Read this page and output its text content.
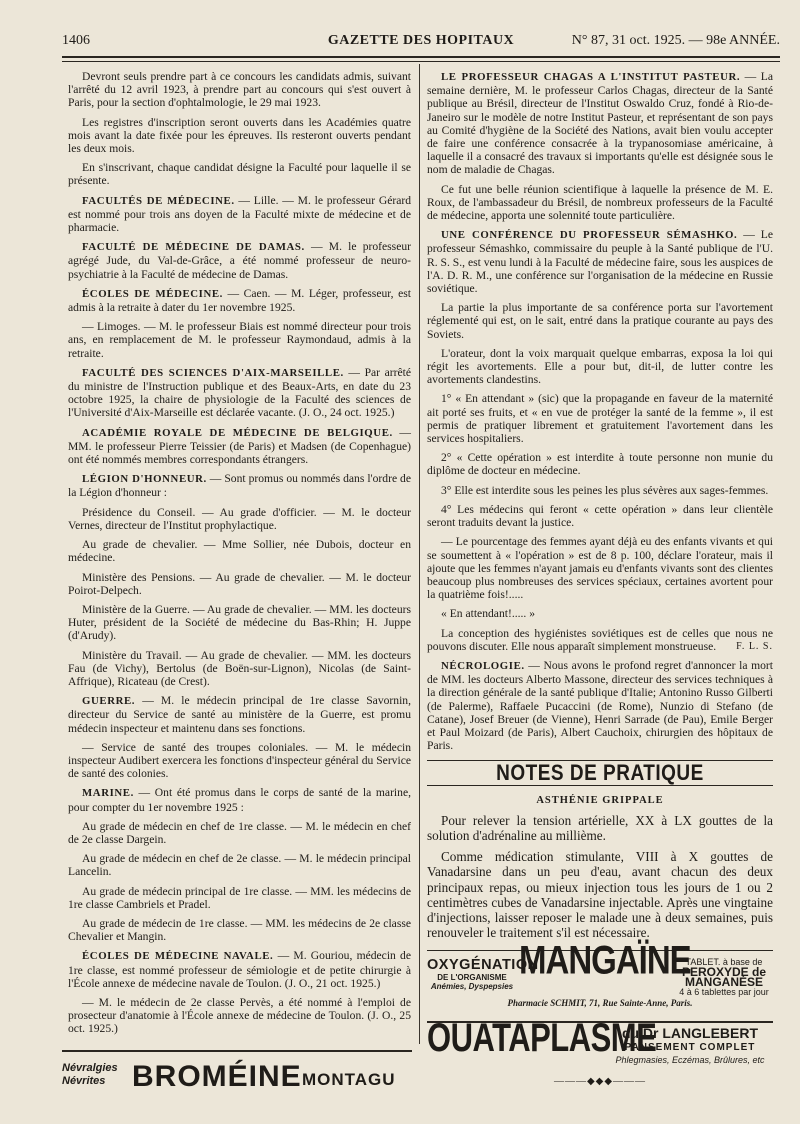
1406	GAZETTE DES HOPITAUX	N° 87, 31 oct. 1925. — 98e ANNÉE.

Devront seuls prendre part à ce concours les candidats admis, suivant l'arrêté du 12 avril 1923, à prendre part au concours qui s'est ouvert à Paris, pour la section d'ophtalmologie, le 29 mai 1923.

Les registres d'inscription seront ouverts dans les Académies quatre mois avant la date fixée pour les épreuves. Ils resteront ouverts pendant les deux mois.

En s'inscrivant, chaque candidat désigne la Faculté pour laquelle il se présente.

FACULTÉS DE MÉDECINE. — Lille. — M. le professeur Gérard est nommé pour trois ans doyen de la Faculté mixte de médecine et de pharmacie.

FACULTÉ DE MÉDECINE DE DAMAS. — M. le professeur agrégé Jude, du Val-de-Grâce, a été nommé professeur de neuro-psychiatrie à la Faculté de médecine de Damas.

ÉCOLES DE MÉDECINE. — Caen. — M. Léger, professeur, est admis à la retraite à dater du 1er novembre 1925.

— Limoges. — M. le professeur Biais est nommé directeur pour trois ans, en remplacement de M. le professeur Raymondaud, admis à la retraite.

FACULTÉ DES SCIENCES D'AIX-MARSEILLE. — Par arrêté du ministre de l'Instruction publique et des Beaux-Arts, en date du 23 octobre 1925, la chaire de physiologie de la Faculté des sciences de l'Université d'Aix-Marseille est déclarée vacante. (J. O., 24 oct. 1925.)

ACADÉMIE ROYALE DE MÉDECINE DE BELGIQUE. — MM. le professeur Pierre Teissier (de Paris) et Madsen (de Copenhague) ont été nommés membres correspondants étrangers.

LÉGION D'HONNEUR. — Sont promus ou nommés dans l'ordre de la Légion d'honneur :

Présidence du Conseil. — Au grade d'officier. — M. le docteur Vernes, directeur de l'Institut prophylactique.

Au grade de chevalier. — Mme Sollier, née Dubois, docteur en médecine.

Ministère des Pensions. — Au grade de chevalier. — M. le docteur Poirot-Delpech.

Ministère de la Guerre. — Au grade de chevalier. — MM. les docteurs Huter, président de la Société de médecine du Bas-Rhin; H. Juppe (d'Arudy).

Ministère du Travail. — Au grade de chevalier. — MM. les docteurs Fau (de Vichy), Bertolus (de Boën-sur-Lignon), Nicolas (de Saint-Affrique), Ricateau (de Crest).

GUERRE. — M. le médecin principal de 1re classe Savornin, directeur du Service de santé au ministère de la Guerre, est promu médecin inspecteur et maintenu dans ses fonctions.

— Service de santé des troupes coloniales. — M. le médecin inspecteur Audibert exercera les fonctions d'inspecteur général du Service de santé des colonies.

MARINE. — Ont été promus dans le corps de santé de la marine, pour compter du 1er novembre 1925 :

Au grade de médecin en chef de 1re classe. — M. le médecin en chef de 2e classe Dargein.

Au grade de médecin en chef de 2e classe. — M. le médecin principal Lancelin.

Au grade de médecin principal de 1re classe. — MM. les médecins de 1re classe Cambriels et Pradel.

Au grade de médecin de 1re classe. — MM. les médecins de 2e classe Chevalier et Mangin.

ÉCOLES DE MÉDECINE NAVALE. — M. Gouriou, médecin de 1re classe, est nommé professeur de sémiologie et de petite chirurgie à l'École annexe de médecine navale de Toulon. (J. O., 21 oct. 1925.)

— M. le médecin de 2e classe Pervès, a été nommé à l'emploi de prosecteur d'anatomie à l'École annexe de médecine de Toulon. (J. O., 25 oct. 1925.)

LE PROFESSEUR CHAGAS A L'INSTITUT PASTEUR. — La semaine dernière, M. le professeur Carlos Chagas, directeur de la Santé publique au Brésil, directeur de l'Institut Oswaldo Cruz, fondé à Rio-de-Janeiro sur le modèle de notre Institut Pasteur, et représentant de son pays au Comité d'hygiène de la Société des Nations, avait bien voulu accepter de faire une conférence consacrée à la trypanosomiase américaine, à laquelle il a consacré des travaux si importants qu'elle est désignée sous le nom de maladie de Chagas.

Ce fut une belle réunion scientifique à laquelle la présence de M. E. Roux, de l'ambassadeur du Brésil, de nombreux professeurs de la Faculté de médecine, apporta une solennité toute particulière.

UNE CONFÉRENCE DU PROFESSEUR SÉMASHKO. — Le professeur Sémashko, commissaire du peuple à la Santé publique de l'U. R. S. S., est venu lundi à la Faculté de médecine faire, sous les auspices de l'A. D. R. M., une conférence sur l'organisation de la médecine en Russie soviétique.

La partie la plus importante de sa conférence porta sur l'avortement réglementé qui est, on le sait, entré dans la pratique courante au pays des Soviets.

L'orateur, dont la voix marquait quelque embarras, exposa la loi qui régit les avortements. Elle a pour but, dit-il, de lutter contre les avortements clandestins.

1° « En attendant » (sic) que la propagande en faveur de la maternité ait porté ses fruits, et « en vue de protéger la santé de la femme », il est permis de pratiquer librement et gratuitement l'avortement dans les services hospitaliers.

2° « Cette opération » est interdite à toute personne non munie du diplôme de docteur en médecine.

3° Elle est interdite sous les peines les plus sévères aux sages-femmes.

4° Les médecins qui feront « cette opération » dans leur clientèle seront traduits devant la justice.

— Le pourcentage des femmes ayant déjà eu des enfants vivants et qui se soumettent à « l'opération » est de 8 p. 100, déclare l'orateur, mais il ajoute que les femmes n'ayant jamais eu d'enfants vivants sont des clientes beaucoup plus nombreuses des services spéciaux, certaines avortent pour la quatrième fois!.....

« En attendant!..... »

La conception des hygiénistes soviétiques est de celles que nous ne pouvons discuter. Elle nous apparaît simplement monstrueuse.	F. L. S.

NÉCROLOGIE. — Nous avons le profond regret d'annoncer la mort de MM. les docteurs Alberto Massone, directeur des services techniques à la direction générale de la santé publique d'Italie; Antonino Russo Gilberti (de Palerme), Raffaele Pucaccini (de Rome), Nunzio di Stefano (de Catane), Josef Breuer (de Vienne), Henri Sarrade (de Pau), Emile Berger et Paul Moizard (de Paris), Albert Cauchoix, chirurgien des hôpitaux de Paris.

NOTES DE PRATIQUE
ASTHÉNIE GRIPPALE

Pour relever la tension artérielle, XX à LX gouttes de la solution d'adrénaline au millième.

Comme médication stimulante, VIII à X gouttes de Vanadarsine dans un peu d'eau, avant chacun des deux principaux repas, ou mieux injection tous les jours de 1 ou 2 centimètres cubes de Vanadarsine injectable. Après une vingtaine d'injections, laisser reposer le malade une à deux semaines, puis renouveler le traitement s'il est nécessaire.

OXYGÉNATION
DE L'ORGANISME
Anémies, Dyspepsies
MANGAÏNE
TABLET. à base de
PEROXYDE de MANGANÈSE
4 à 6 tablettes par jour
Pharmacie SCHMIT, 71, Rue Sainte-Anne, Paris.
OUATAPLASME
du Dr LANGLEBERT
PANSEMENT COMPLET
Phlegmasies, Eczémas, Brûlures, etc
———◆◆◆———
Névralgies
Névrites BROMÉINE MONTAGU
